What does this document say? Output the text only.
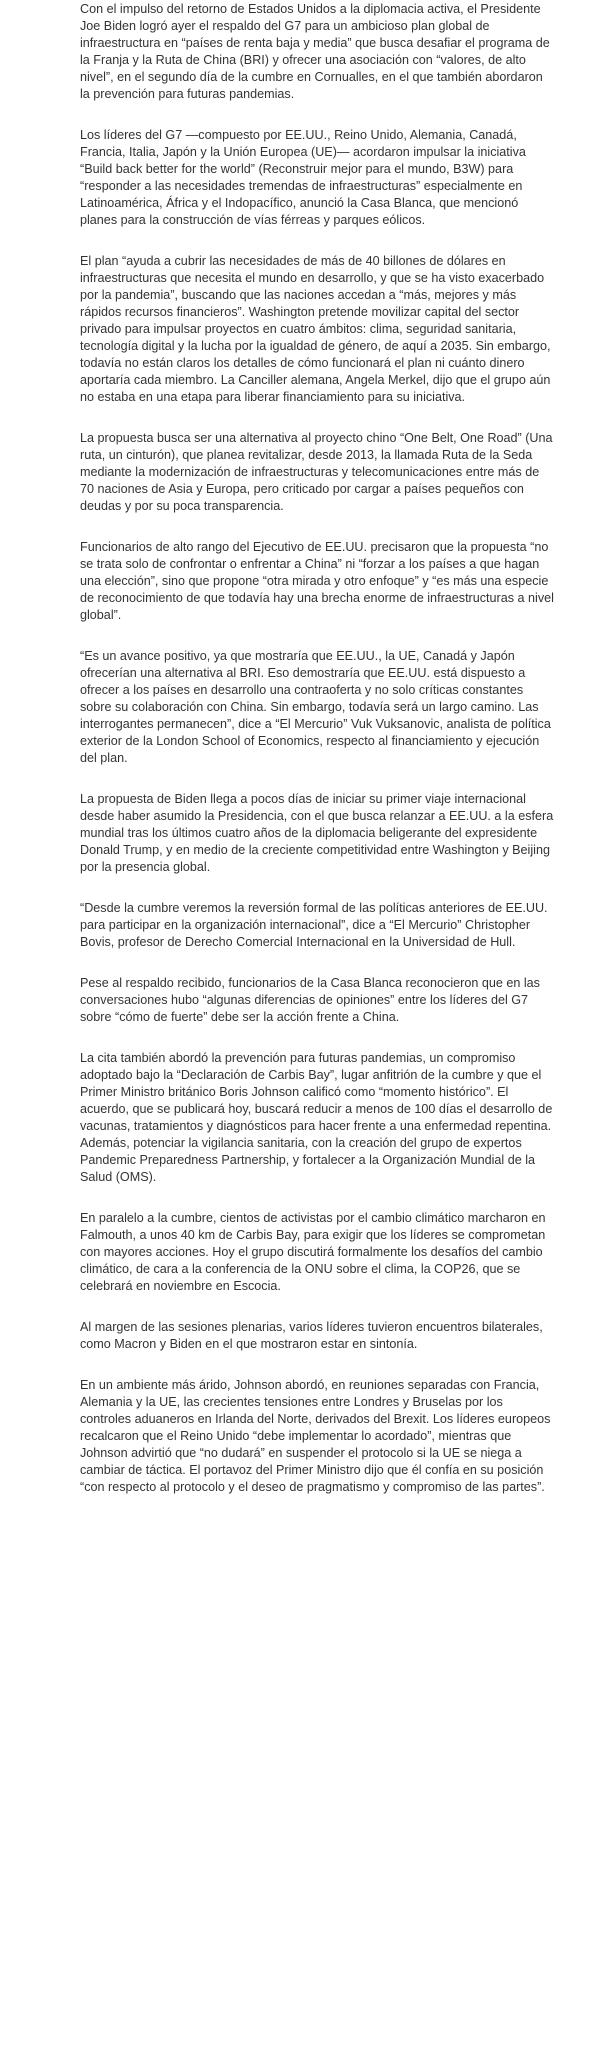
Con el impulso del retorno de Estados Unidos a la diplomacia activa, el Presidente Joe Biden logró ayer el respaldo del G7 para un ambicioso plan global de infraestructura en “países de renta baja y media” que busca desafiar el programa de la Franja y la Ruta de China (BRI) y ofrecer una asociación con “valores, de alto nivel”, en el segundo día de la cumbre en Cornualles, en el que también abordaron la prevención para futuras pandemias.

Los líderes del G7 —compuesto por EE.UU., Reino Unido, Alemania, Canadá, Francia, Italia, Japón y la Unión Europea (UE)— acordaron impulsar la iniciativa “Build back better for the world” (Reconstruir mejor para el mundo, B3W) para “responder a las necesidades tremendas de infraestructuras” especialmente en Latinoamérica, África y el Indopacífico, anunció la Casa Blanca, que mencionó planes para la construcción de vías férreas y parques eólicos.

El plan “ayuda a cubrir las necesidades de más de 40 billones de dólares en infraestructuras que necesita el mundo en desarrollo, y que se ha visto exacerbado por la pandemia”, buscando que las naciones accedan a “más, mejores y más rápidos recursos financieros”. Washington pretende movilizar capital del sector privado para impulsar proyectos en cuatro ámbitos: clima, seguridad sanitaria, tecnología digital y la lucha por la igualdad de género, de aquí a 2035. Sin embargo, todavía no están claros los detalles de cómo funcionará el plan ni cuánto dinero aportaría cada miembro. La Canciller alemana, Angela Merkel, dijo que el grupo aún no estaba en una etapa para liberar financiamiento para su iniciativa.

La propuesta busca ser una alternativa al proyecto chino “One Belt, One Road” (Una ruta, un cinturón), que planea revitalizar, desde 2013, la llamada Ruta de la Seda mediante la modernización de infraestructuras y telecomunicaciones entre más de 70 naciones de Asia y Europa, pero criticado por cargar a países pequeños con deudas y por su poca transparencia.

Funcionarios de alto rango del Ejecutivo de EE.UU. precisaron que la propuesta “no se trata solo de confrontar o enfrentar a China” ni “forzar a los países a que hagan una elección”, sino que propone “otra mirada y otro enfoque” y “es más una especie de reconocimiento de que todavía hay una brecha enorme de infraestructuras a nivel global”.

“Es un avance positivo, ya que mostraría que EE.UU., la UE, Canadá y Japón ofrecerían una alternativa al BRI. Eso demostraría que EE.UU. está dispuesto a ofrecer a los países en desarrollo una contraoferta y no solo críticas constantes sobre su colaboración con China. Sin embargo, todavía será un largo camino. Las interrogantes permanecen”, dice a “El Mercurio” Vuk Vuksanovic, analista de política exterior de la London School of Economics, respecto al financiamiento y ejecución del plan.

La propuesta de Biden llega a pocos días de iniciar su primer viaje internacional desde haber asumido la Presidencia, con el que busca relanzar a EE.UU. a la esfera mundial tras los últimos cuatro años de la diplomacia beligerante del expresidente Donald Trump, y en medio de la creciente competitividad entre Washington y Beijing por la presencia global.

“Desde la cumbre veremos la reversión formal de las políticas anteriores de EE.UU. para participar en la organización internacional”, dice a “El Mercurio” Christopher Bovis, profesor de Derecho Comercial Internacional en la Universidad de Hull.

Pese al respaldo recibido, funcionarios de la Casa Blanca reconocieron que en las conversaciones hubo “algunas diferencias de opiniones” entre los líderes del G7 sobre “cómo de fuerte” debe ser la acción frente a China.

La cita también abordó la prevención para futuras pandemias, un compromiso adoptado bajo la “Declaración de Carbis Bay”, lugar anfitrión de la cumbre y que el Primer Ministro británico Boris Johnson calificó como “momento histórico”. El acuerdo, que se publicará hoy, buscará reducir a menos de 100 días el desarrollo de vacunas, tratamientos y diagnósticos para hacer frente a una enfermedad repentina. Además, potenciar la vigilancia sanitaria, con la creación del grupo de expertos Pandemic Preparedness Partnership, y fortalecer a la Organización Mundial de la Salud (OMS).

En paralelo a la cumbre, cientos de activistas por el cambio climático marcharon en Falmouth, a unos 40 km de Carbis Bay, para exigir que los líderes se comprometan con mayores acciones. Hoy el grupo discutirá formalmente los desafíos del cambio climático, de cara a la conferencia de la ONU sobre el clima, la COP26, que se celebrará en noviembre en Escocia.

Al margen de las sesiones plenarias, varios líderes tuvieron encuentros bilaterales, como Macron y Biden en el que mostraron estar en sintonía.

En un ambiente más árido, Johnson abordó, en reuniones separadas con Francia, Alemania y la UE, las crecientes tensiones entre Londres y Bruselas por los controles aduaneros en Irlanda del Norte, derivados del Brexit. Los líderes europeos recalcaron que el Reino Unido “debe implementar lo acordado”, mientras que Johnson advirtió que “no dudará” en suspender el protocolo si la UE se niega a cambiar de táctica. El portavoz del Primer Ministro dijo que él confía en su posición “con respecto al protocolo y el deseo de pragmatismo y compromiso de las partes”.
